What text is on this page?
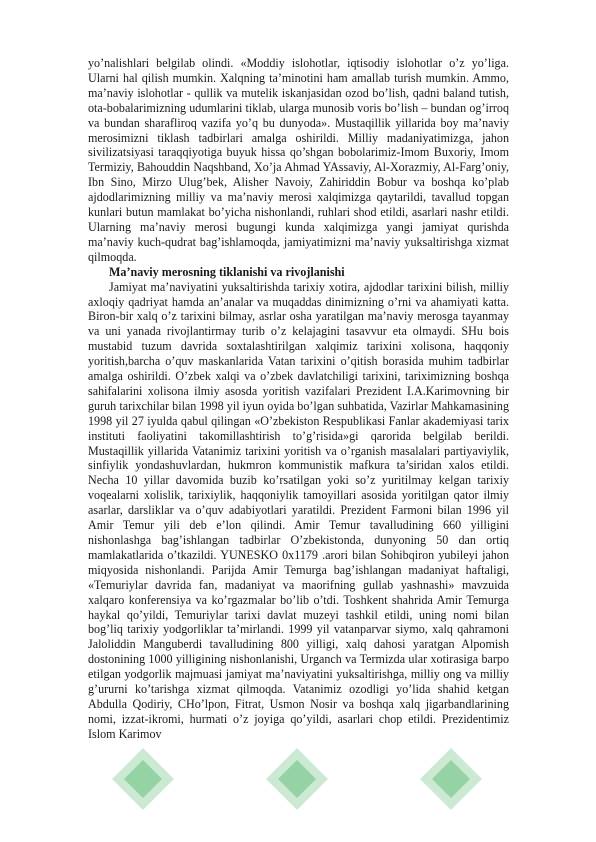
yo’nalishlari belgilab olindi. «Moddiy islohotlar, iqtisodiy islohotlar o’z yo’liga. Ularni hal qilish mumkin. Xalqning ta’minotini ham amallab turish mumkin. Ammo, ma’naviy islohotlar - qullik va mutelik iskanjasidan ozod bo’lish, qadni baland tutish, ota-bobalarimizning udumlarini tiklab, ularga munosib voris bo’lish – bundan og’irroq va bundan sharafliroq vazifa yo’q bu dunyoda». Mustaqillik yillarida boy ma’naviy merosimizni tiklash tadbirlari amalga oshirildi. Milliy madaniyatimizga, jahon sivilizatsiyasi taraqqiyotiga buyuk hissa qo’shgan bobolarimiz-Imom Buxoriy, Imom Termiziy, Bahouddin Naqshband, Xo’ja Ahmad YAssaviy, Al-Xorazmiy, Al-Farg’oniy, Ibn Sino, Mirzo Ulug’bek, Alisher Navoiy, Zahiriddin Bobur va boshqa ko’plab ajdodlarimizning milliy va ma’naviy merosi xalqimizga qaytarildi, tavallud topgan kunlari butun mamlakat bo’yicha nishonlandi, ruhlari shod etildi, asarlari nashr etildi. Ularning ma’naviy merosi bugungi kunda xalqimizga yangi jamiyat qurishda ma’naviy kuch-qudrat bag’ishlamoqda, jamiyatimizni ma’naviy yuksaltirishga xizmat qilmoqda.

Ma’naviy merosning tiklanishi va rivojlanishi

Jamiyat ma’naviyatini yuksaltirishda tarixiy xotira, ajdodlar tarixini bilish, milliy axloqiy qadriyat hamda an’analar va muqaddas dinimizning o’rni va ahamiyati katta. Biron-bir xalq o’z tarixini bilmay, asrlar osha yaratilgan ma’naviy merosga tayanmay va uni yanada rivojlantirmay turib o’z kelajagini tasavvur eta olmaydi. SHu bois mustabid tuzum davrida soxtalashtirilgan xalqimiz tarixini xolisona, haqqoniy yoritish,barcha o’quv maskanlarida Vatan tarixini o’qitish borasida muhim tadbirlar amalga oshirildi. O’zbek xalqi va o’zbek davlatchiligi tarixini, tariximizning boshqa sahifalarini xolisona ilmiy asosda yoritish vazifalari Prezident I.A.Karimovning bir guruh tarixchilar bilan 1998 yil iyun oyida bo’lgan suhbatida, Vazirlar Mahkamasining 1998 yil 27 iyulda qabul qilingan «O’zbekiston Respublikasi Fanlar akademiyasi tarix instituti faoliyatini takomillashtirish to’g’risida»gi qarorida belgilab berildi. Mustaqillik yillarida Vatanimiz tarixini yoritish va o’rganish masalalari partiyaviylik, sinfiylik yondashuvlardan, hukmron kommunistik mafkura ta’siridan xalos etildi. Necha 10 yillar davomida buzib ko’rsatilgan yoki so’z yuritilmay kelgan tarixiy voqealarni xolislik, tarixiylik, haqqoniylik tamoyillari asosida yoritilgan qator ilmiy asarlar, darsliklar va o’quv adabiyotlari yaratildi. Prezident Farmoni bilan 1996 yil Amir Temur yili deb e’lon qilindi. Amir Temur tavalludining 660 yilligini nishonlashga bag’ishlangan tadbirlar O’zbekistonda, dunyoning 50 dan ortiq mamlakatlarida o’tkazildi. YUNESKO 0x1179 .arori bilan Sohibqiron yubileyi jahon miqyosida nishonlandi. Parijda Amir Temurga bag’ishlangan madaniyat haftaligi, «Temuriylar davrida fan, madaniyat va maorifning gullab yashnashi» mavzuida xalqaro konferensiya va ko’rgazmalar bo’lib o’tdi. Toshkent shahrida Amir Temurga haykal qo’yildi, Temuriylar tarixi davlat muzeyi tashkil etildi, uning nomi bilan bog’liq tarixiy yodgorliklar ta’mirlandi. 1999 yil vatanparvar siymo, xalq qahramoni Jaloliddin Manguberdi tavalludining 800 yilligi, xalq dahosi yaratgan Alpomish dostonining 1000 yilligining nishonlanishi, Urganch va Termizda ular xotirasiga barpo etilgan yodgorlik majmuasi jamiyat ma’naviyatini yuksaltirishga, milliy ong va milliy g’ururni ko’tarishga xizmat qilmoqda. Vatanimiz ozodligi yo’lida shahid ketgan Abdulla Qodiriy, CHo’lpon, Fitrat, Usmon Nosir va boshqa xalq jigarbandlarining nomi, izzat-ikromi, hurmati o’z joyiga qo’yildi, asarlari chop etildi. Prezidentimiz Islom Karimov
